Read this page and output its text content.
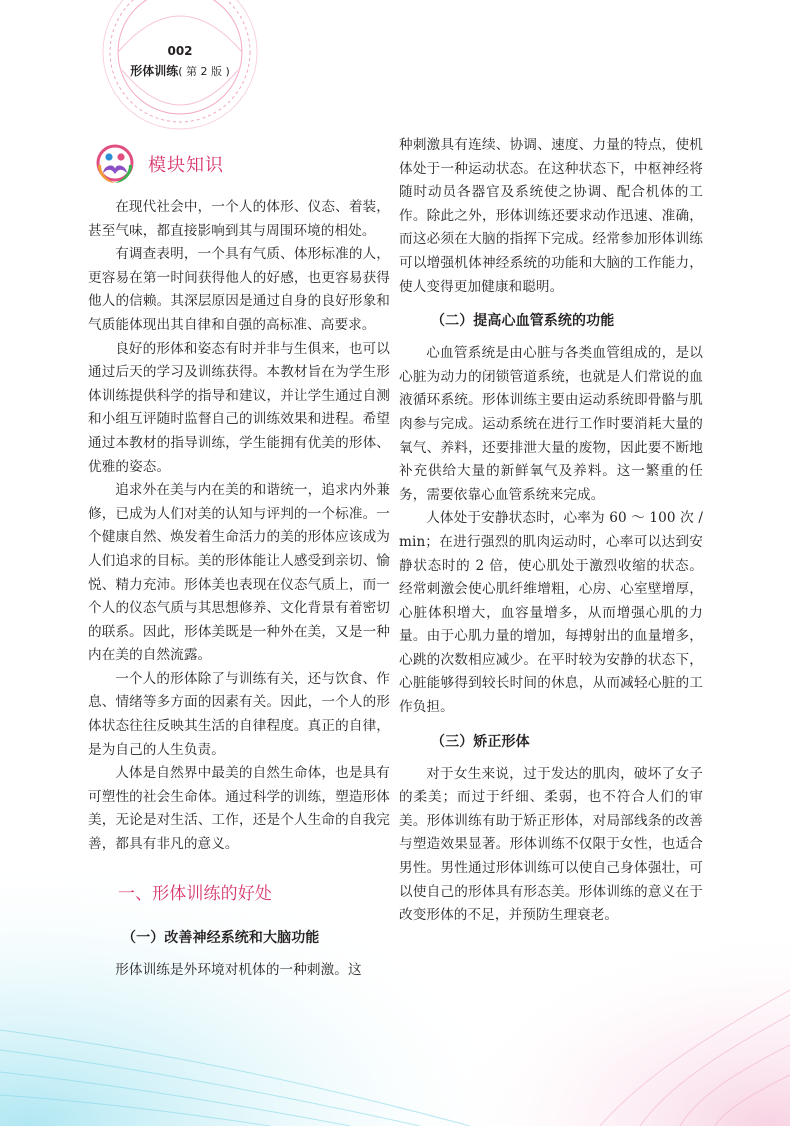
002
形体训练( 第 2 版 )
模块知识

在现代社会中，一个人的体形、仪态、着装，甚至气味，都直接影响到其与周围环境的相处。

有调查表明，一个具有气质、体形标准的人，更容易在第一时间获得他人的好感，也更容易获得他人的信赖。其深层原因是通过自身的良好形象和气质能体现出其自律和自强的高标准、高要求。

良好的形体和姿态有时并非与生俱来，也可以通过后天的学习及训练获得。本教材旨在为学生形体训练提供科学的指导和建议，并让学生通过自测和小组互评随时监督自己的训练效果和进程。希望通过本教材的指导训练，学生能拥有优美的形体、优雅的姿态。

追求外在美与内在美的和谐统一，追求内外兼修，已成为人们对美的认知与评判的一个标准。一个健康自然、焕发着生命活力的美的形体应该成为人们追求的目标。美的形体能让人感受到亲切、愉悦、精力充沛。形体美也表现在仪态气质上，而一个人的仪态气质与其思想修养、文化背景有着密切的联系。因此，形体美既是一种外在美，又是一种内在美的自然流露。

一个人的形体除了与训练有关，还与饮食、作息、情绪等多方面的因素有关。因此，一个人的形体状态往往反映其生活的自律程度。真正的自律，是为自己的人生负责。

人体是自然界中最美的自然生命体，也是具有可塑性的社会生命体。通过科学的训练，塑造形体美，无论是对生活、工作，还是个人生命的自我完善，都具有非凡的意义。

一、形体训练的好处
（一）改善神经系统和大脑功能

形体训练是外环境对机体的一种刺激。这

种刺激具有连续、协调、速度、力量的特点，使机体处于一种运动状态。在这种状态下，中枢神经将随时动员各器官及系统使之协调、配合机体的工作。除此之外，形体训练还要求动作迅速、准确，而这必须在大脑的指挥下完成。经常参加形体训练可以增强机体神经系统的功能和大脑的工作能力，使人变得更加健康和聪明。

（二）提高心血管系统的功能

心血管系统是由心脏与各类血管组成的，是以心脏为动力的闭锁管道系统，也就是人们常说的血液循环系统。形体训练主要由运动系统即骨骼与肌肉参与完成。运动系统在进行工作时要消耗大量的氧气、养料，还要排泄大量的废物，因此要不断地补充供给大量的新鲜氧气及养料。这一繁重的任务，需要依靠心血管系统来完成。

人体处于安静状态时，心率为 60 ～ 100 次 / min；在进行强烈的肌肉运动时，心率可以达到安静状态时的 2 倍，使心肌处于激烈收缩的状态。经常刺激会使心肌纤维增粗，心房、心室壁增厚，心脏体积增大，血容量增多，从而增强心肌的力量。由于心肌力量的增加，每搏射出的血量增多，心跳的次数相应减少。在平时较为安静的状态下，心脏能够得到较长时间的休息，从而减轻心脏的工作负担。

（三）矫正形体

对于女生来说，过于发达的肌肉，破坏了女子的柔美；而过于纤细、柔弱，也不符合人们的审美。形体训练有助于矫正形体，对局部线条的改善与塑造效果显著。形体训练不仅限于女性，也适合男性。男性通过形体训练可以使自己身体强壮，可以使自己的形体具有形态美。形体训练的意义在于改变形体的不足，并预防生理衰老。
